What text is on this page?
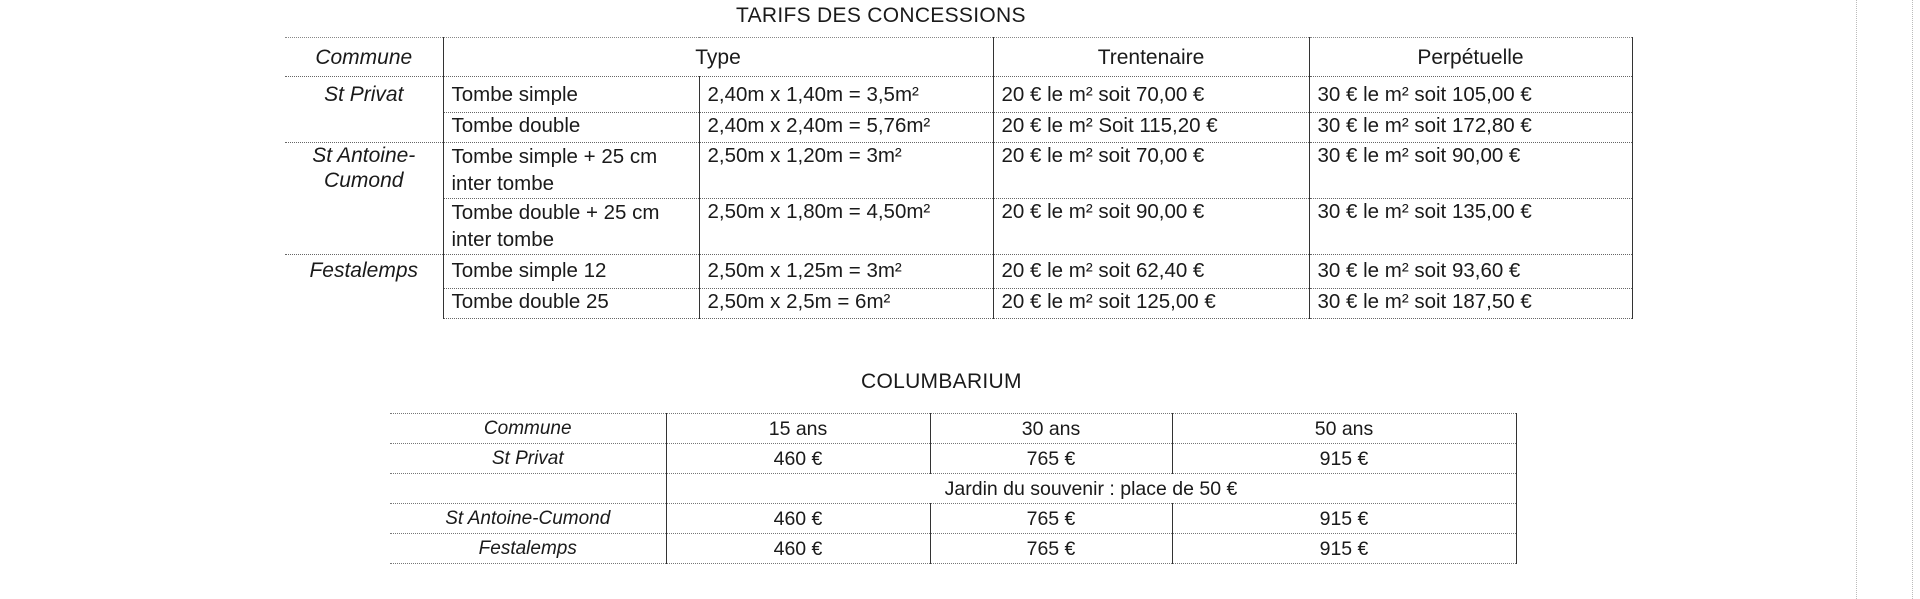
TARIFS DES CONCESSIONS
Commune	Type		Trentenaire	Perpétuelle
St Privat	Tombe simple	2,40m x 1,40m = 3,5m²	20 € le m² soit 70,00 €	30 € le m² soit 105,00 €
	Tombe double	2,40m x 2,40m = 5,76m²	20 € le m² Soit 115,20 €	30 € le m² soit 172,80 €
St Antoine-Cumond	Tombe simple + 25 cm inter tombe	2,50m x 1,20m = 3m²	20 € le m² soit 70,00 €	30 € le m² soit 90,00 €
	Tombe double + 25 cm inter tombe	2,50m x 1,80m = 4,50m²	20 € le m² soit 90,00 €	30 € le m² soit 135,00 €
Festalemps	Tombe simple 12	2,50m x 1,25m = 3m²	20 € le m² soit 62,40 €	30 € le m² soit 93,60 €
	Tombe double 25	2,50m x 2,5m = 6m²	20 € le m² soit 125,00 €	30 € le m² soit 187,50 €
COLUMBARIUM
Commune	15 ans	30 ans	50 ans
St Privat	460 €	765 €	915 €
	Jardin du souvenir : place de 50 €		
St Antoine-Cumond	460 €	765 €	915 €
Festalemps	460 €	765 €	915 €
